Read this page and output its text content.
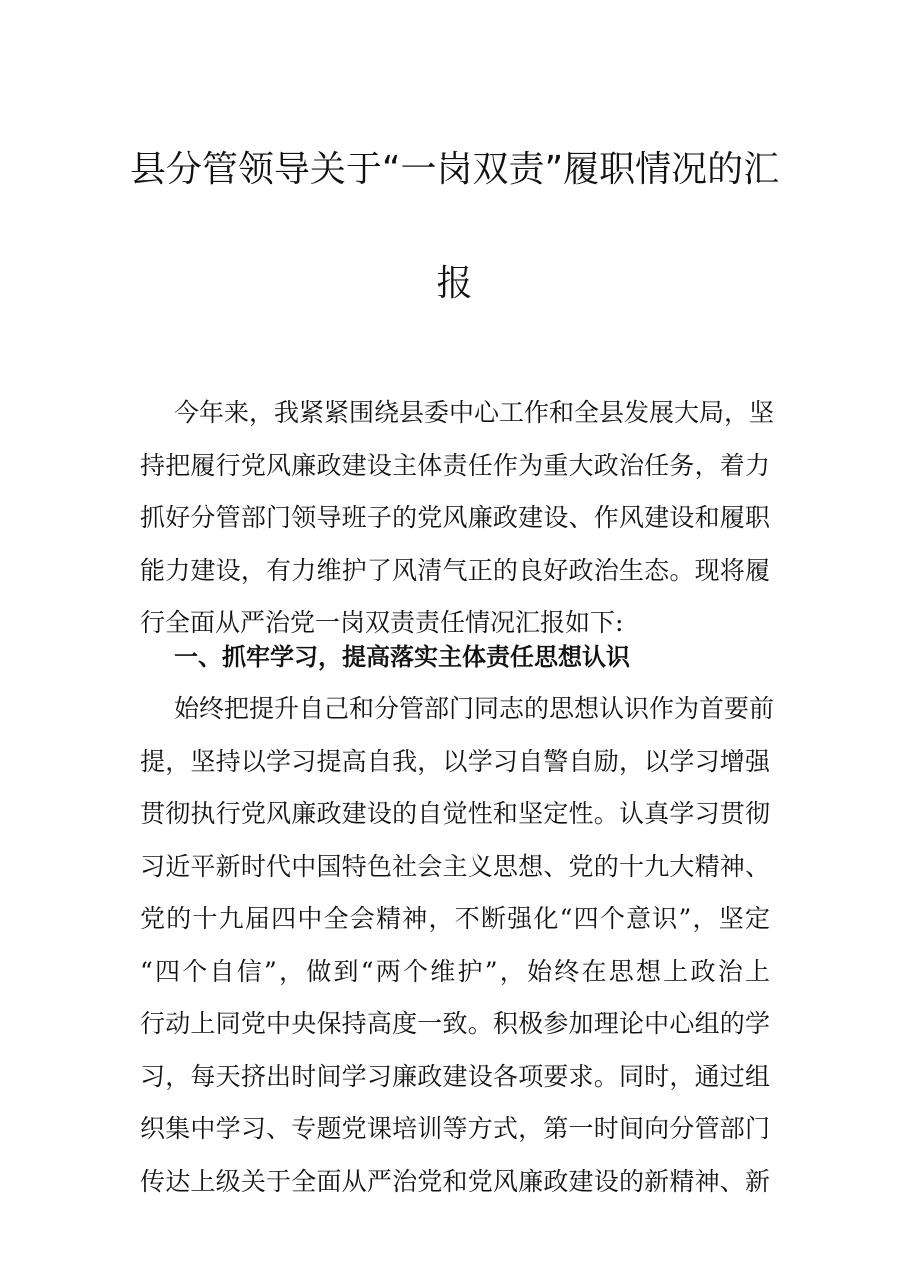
县分管领导关于“一岗双责”履职情况的汇
报
今年来，我紧紧围绕县委中心工作和全县发展大局，坚
持把履行党风廉政建设主体责任作为重大政治任务，着力
抓好分管部门领导班子的党风廉政建设、作风建设和履职
能力建设，有力维护了风清气正的良好政治生态。现将履
行全面从严治党一岗双责责任情况汇报如下:
一、抓牢学习，提高落实主体责任思想认识
始终把提升自己和分管部门同志的思想认识作为首要前
提，坚持以学习提高自我，以学习自警自励，以学习增强
贯彻执行党风廉政建设的自觉性和坚定性。认真学习贯彻
习近平新时代中国特色社会主义思想、党的十九大精神、
党的十九届四中全会精神，不断强化“四个意识”，坚定
“四个自信”，做到“两个维护”，始终在思想上政治上
行动上同党中央保持高度一致。积极参加理论中心组的学
习，每天挤出时间学习廉政建设各项要求。同时，通过组
织集中学习、专题党课培训等方式，第一时间向分管部门
传达上级关于全面从严治党和党风廉政建设的新精神、新
